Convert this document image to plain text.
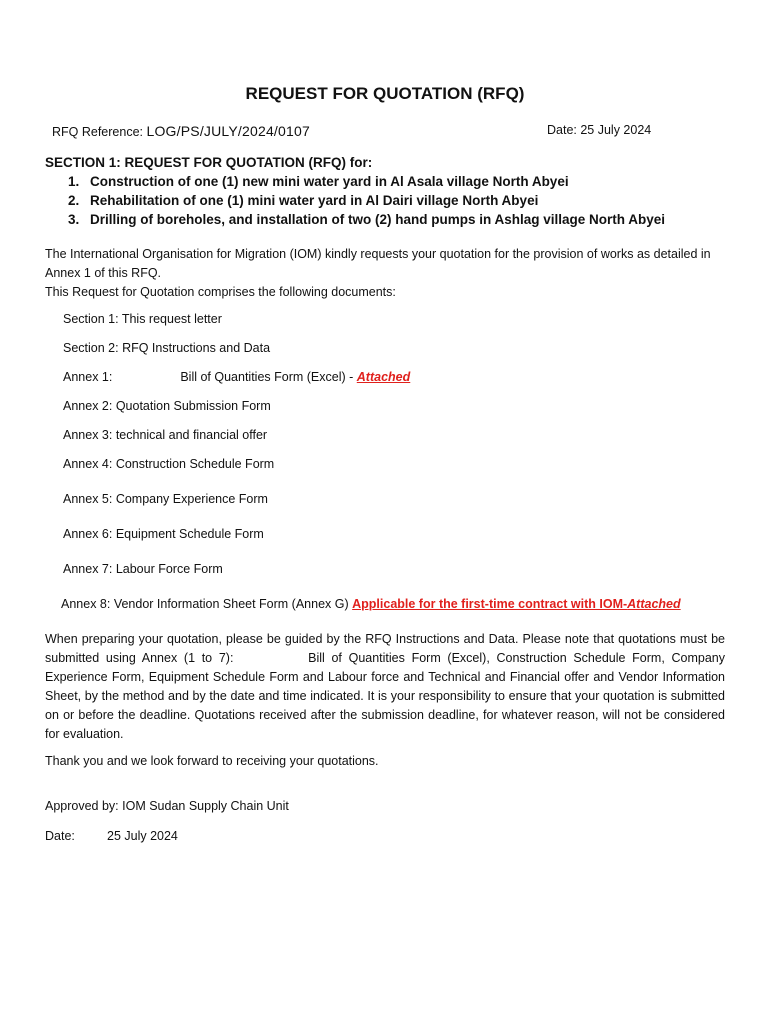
REQUEST FOR QUOTATION (RFQ)
RFQ Reference: LOG/PS/JULY/2024/0107	Date: 25 July 2024
SECTION 1: REQUEST FOR QUOTATION (RFQ) for:
1. Construction of one (1) new mini water yard in Al Asala village North Abyei
2. Rehabilitation of one (1) mini water yard in Al Dairi village North Abyei
3. Drilling of boreholes, and installation of two (2) hand pumps in Ashlag village North Abyei
The International Organisation for Migration (IOM) kindly requests your quotation for the provision of works as detailed in Annex 1 of this RFQ.
This Request for Quotation comprises the following documents:
Section 1: This request letter
Section 2: RFQ Instructions and Data
Annex 1:	Bill of Quantities Form (Excel) - Attached
Annex 2: Quotation Submission Form
Annex 3: technical and financial offer
Annex 4: Construction Schedule Form
Annex 5: Company Experience Form
Annex 6: Equipment Schedule Form
Annex 7: Labour Force Form
Annex 8: Vendor Information Sheet Form (Annex G) Applicable for the first-time contract with IOM-Attached
When preparing your quotation, please be guided by the RFQ Instructions and Data. Please note that quotations must be submitted using Annex (1 to 7):	Bill of Quantities Form (Excel), Construction Schedule Form, Company Experience Form, Equipment Schedule Form and Labour force and Technical and Financial offer and Vendor Information Sheet, by the method and by the date and time indicated. It is your responsibility to ensure that your quotation is submitted on or before the deadline. Quotations received after the submission deadline, for whatever reason, will not be considered for evaluation.
Thank you and we look forward to receiving your quotations.
Approved by: IOM Sudan Supply Chain Unit
Date:	25 July 2024
